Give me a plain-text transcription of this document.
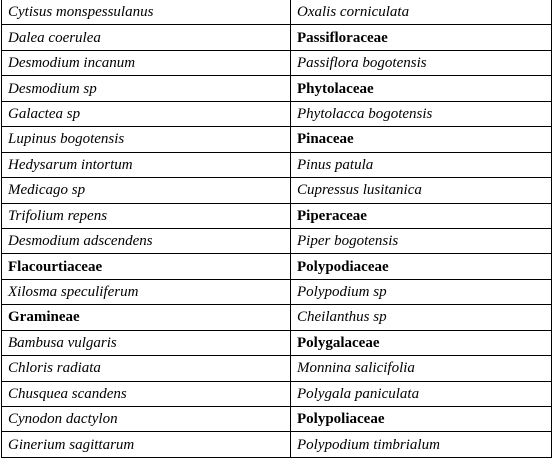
Cytisus monspessulanus	Oxalis corniculata
Dalea coerulea	Passifloraceae
Desmodium incanum	Passiflora bogotensis
Desmodium sp	Phytolaceae
Galactea sp	Phytolacca bogotensis
Lupinus bogotensis	Pinaceae
Hedysarum intortum	Pinus patula
Medicago sp	Cupressus lusitanica
Trifolium repens	Piperaceae
Desmodium adscendens	Piper bogotensis
Flacourtiaceae	Polypodiaceae
Xilosma speculiferum	Polypodium sp
Gramineae	Cheilanthus sp
Bambusa vulgaris	Polygalaceae
Chloris radiata	Monnina salicifolia
Chusquea scandens	Polygala paniculata
Cynodon dactylon	Polypoliaceae
Ginerium sagittarum	Polypodium timbrialum
